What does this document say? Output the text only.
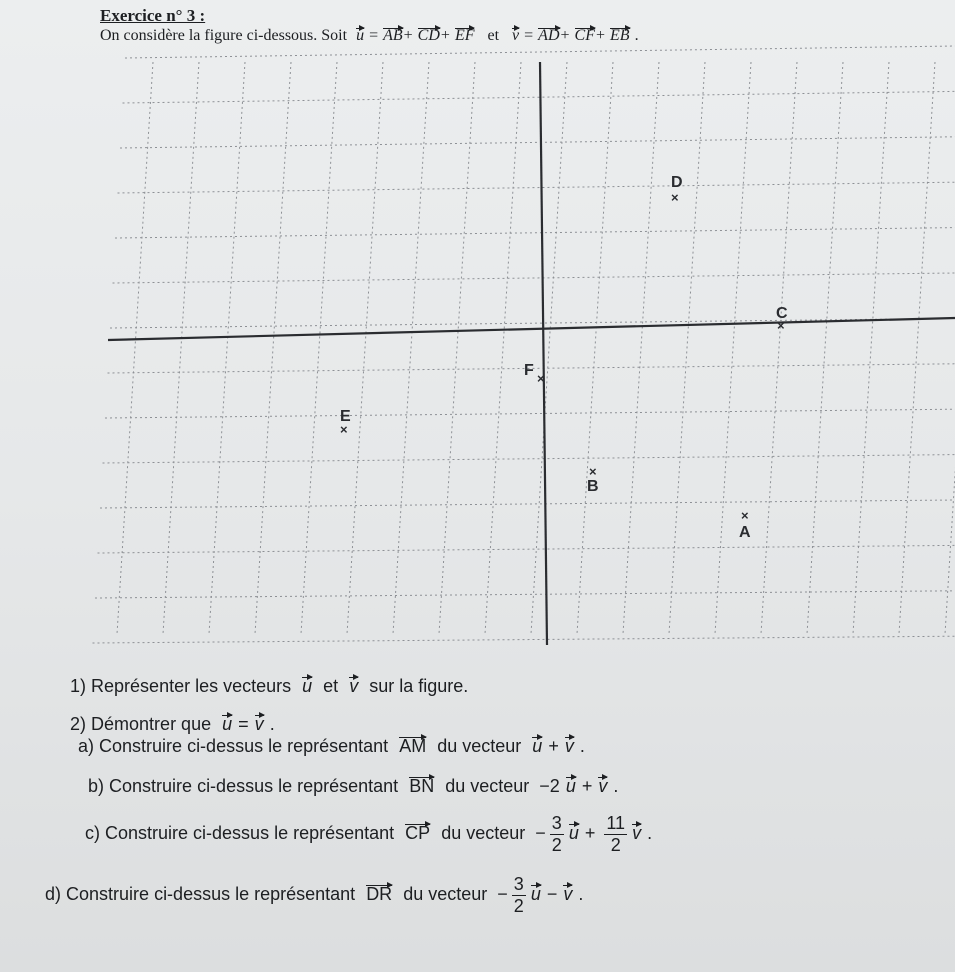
Exercice n° 3 :
On considère la figure ci-dessous. Soit u = AB+ CD+ EF et v = AD+ CF+ EB .
D
×
C
×
F ×
E
×
×
B
×
A
1) Représenter les vecteurs u et v sur la figure.
2) Démontrer que u = v .
a) Construire ci-dessus le représentant AM du vecteur u + v .
b) Construire ci-dessus le représentant BN du vecteur −2 u + v .
c) Construire ci-dessus le représentant CP du vecteur − $\frac{3}{2}$ $u + \frac{11}{2}$ v .
d) Construire ci-dessus le représentant DR du vecteur − $\frac{3}{2}$ u − v .
